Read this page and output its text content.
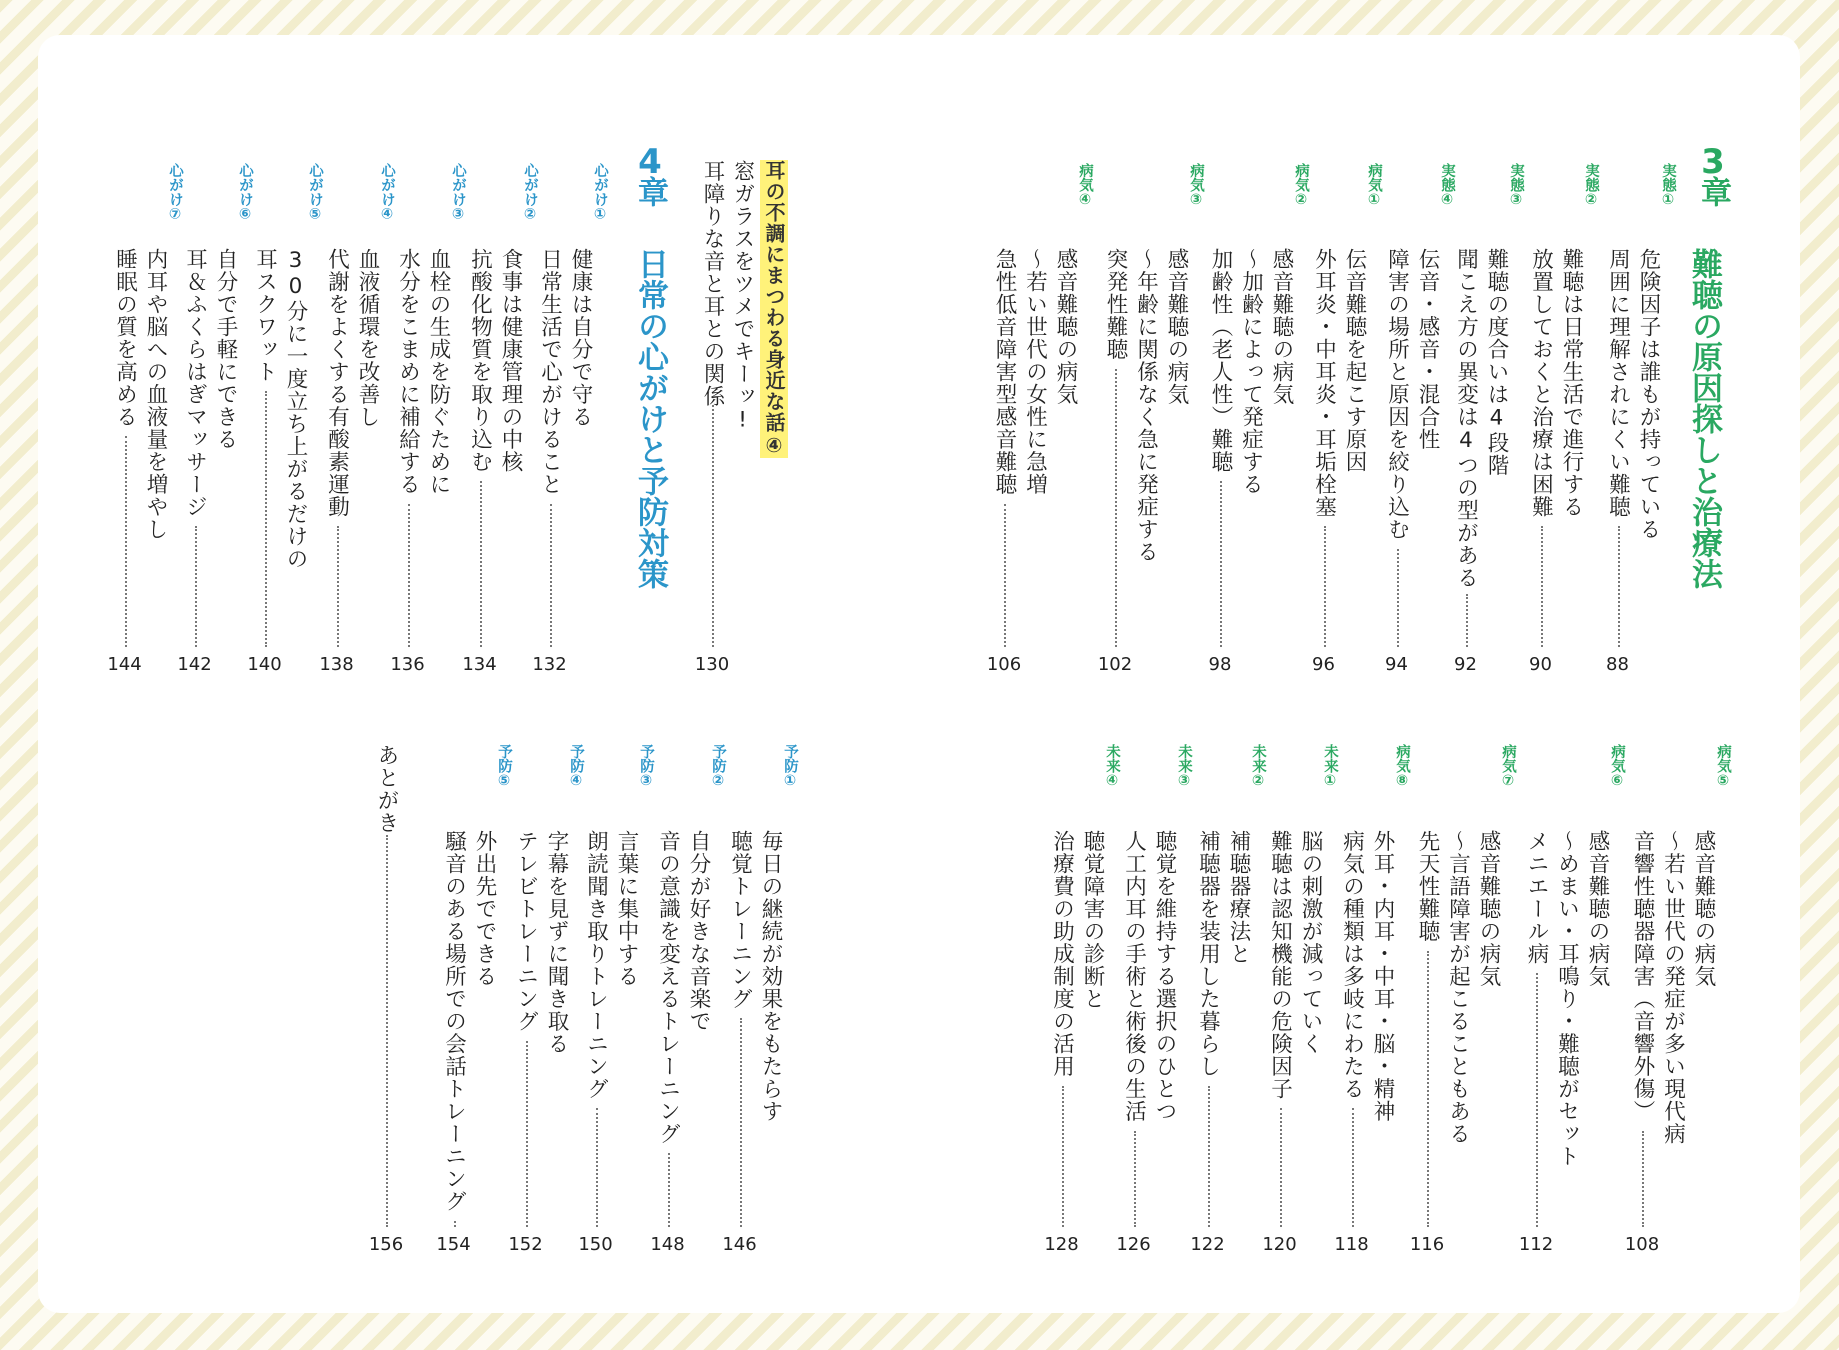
3
章
難聴の原因探しと治療法
実態①
危険因子は誰もが持っている
周囲に理解されにくい難聴
88
実態②
難聴は日常生活で進行する
放置しておくと治療は困難
90
実態③
難聴の度合いは4段階
聞こえ方の異変は4つの型がある
92
実態④
伝音・感音・混合性
障害の場所と原因を絞り込む
94
病気①
伝音難聴を起こす原因
外耳炎・中耳炎・耳垢栓塞
96
病気②
感音難聴の病気
〜加齢によって発症する
加齢性（老人性）難聴
98
病気③
感音難聴の病気
〜年齢に関係なく急に発症する
突発性難聴
102
病気④
感音難聴の病気
〜若い世代の女性に急増
急性低音障害型感音難聴
106
病気⑤
感音難聴の病気
〜若い世代の発症が多い現代病
音響性聴器障害（音響外傷）
108
病気⑥
感音難聴の病気
〜めまい・耳鳴り・難聴がセット
メニエール病
112
病気⑦
感音難聴の病気
〜言語障害が起こることもある
先天性難聴
116
病気⑧
外耳・内耳・中耳・脳・精神
病気の種類は多岐にわたる
118
未来①
脳の刺激が減っていく
難聴は認知機能の危険因子
120
未来②
補聴器療法と
補聴器を装用した暮らし
122
未来③
聴覚を維持する選択のひとつ
人工内耳の手術と術後の生活
126
未来④
聴覚障害の診断と
治療費の助成制度の活用
128
耳の不調にまつわる身近な話④
窓ガラスをツメでキーッ!
耳障りな音と耳との関係
130
4
章
日常の心がけと予防対策
心がけ①
健康は自分で守る
日常生活で心がけること
132
心がけ②
食事は健康管理の中核
抗酸化物質を取り込む
134
心がけ③
血栓の生成を防ぐために
水分をこまめに補給する
136
心がけ④
血液循環を改善し
代謝をよくする有酸素運動
138
心がけ⑤
30分に一度立ち上がるだけの
耳スクワット
140
心がけ⑥
自分で手軽にできる
耳＆ふくらはぎマッサージ
142
心がけ⑦
内耳や脳への血液量を増やし
睡眠の質を高める
144
予防①
毎日の継続が効果をもたらす
聴覚トレーニング
146
予防②
自分が好きな音楽で
音の意識を変えるトレーニング
148
予防③
言葉に集中する
朗読聞き取りトレーニング
150
予防④
字幕を見ずに聞き取る
テレビトレーニング
152
予防⑤
外出先でできる
騒音のある場所での会話トレーニング
154
あとがき
156
